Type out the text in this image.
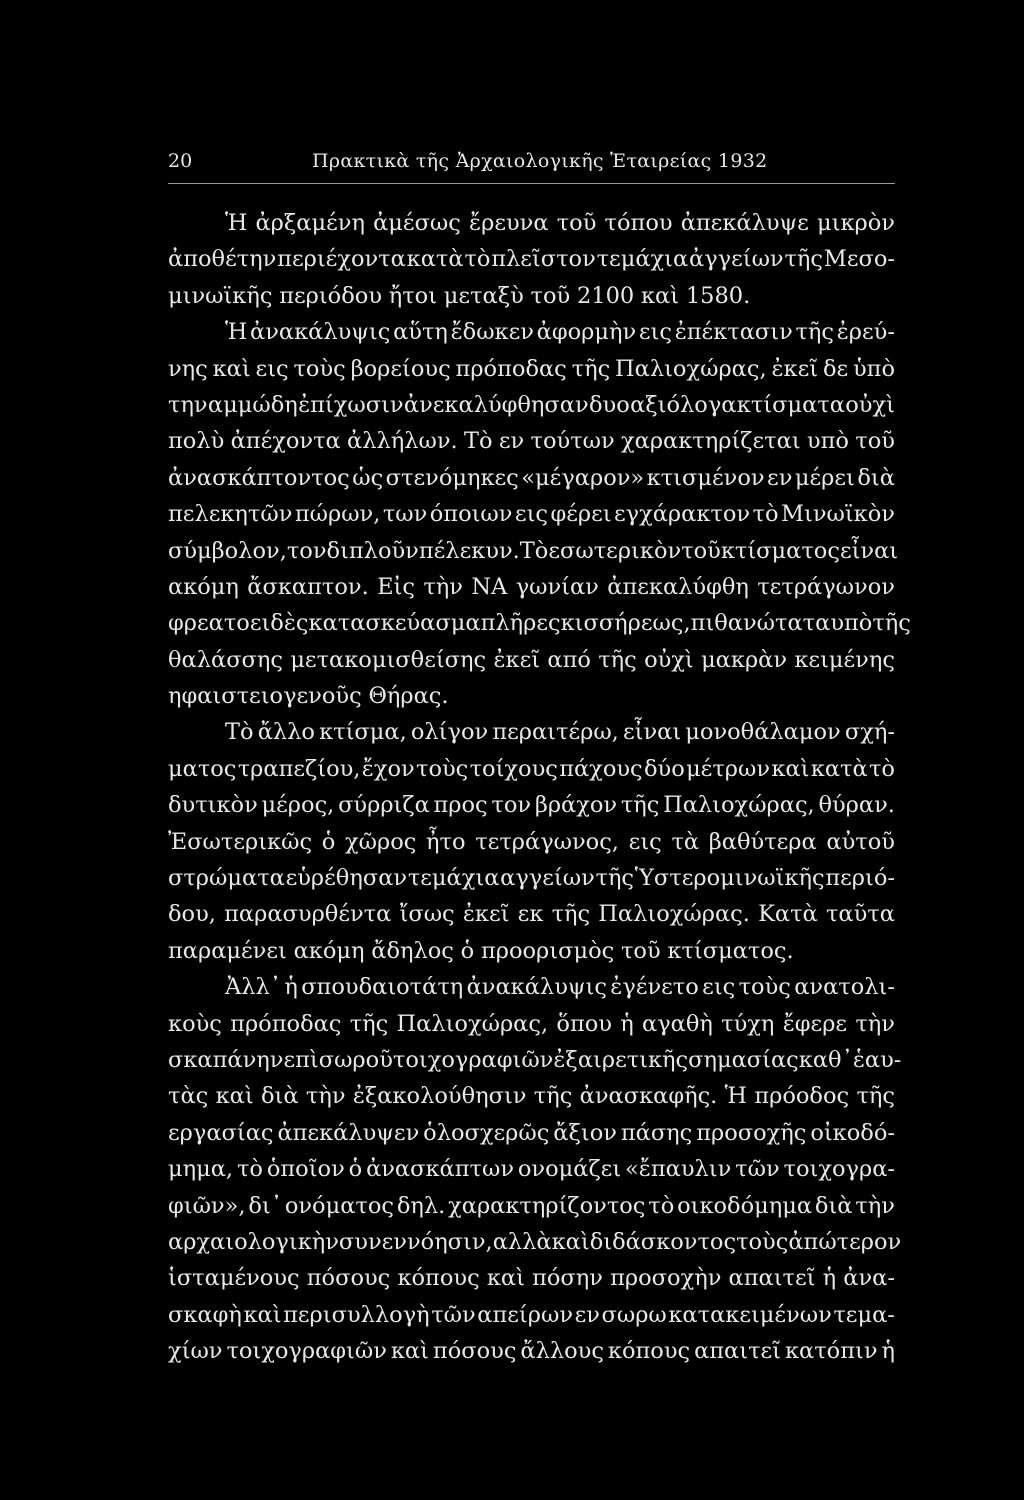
20	Πρακτικὰ τῆς Ἀρχαιολογικῆς Ἑταιρείας 1932
Ἡ ἀρξαμένη ἀμέσως ἔρευνα τοῦ τόπου ἀπεκάλυψε μικρὸν
ἀποθέτην περιέχοντα κατὰ τὸ πλεῖστον τεμάχια ἀγγείων τῆς Μεσο-
μινωϊκῆς περιόδου ἤτοι μεταξὺ τοῦ 2100 καὶ 1580.
Ἡ ἀνακάλυψις αὕτη ἔδωκεν ἀφορμὴν εις ἐπέκτασιν τῆς ἐρεύ-
νης καὶ εις τοὺς βορείους πρόποδας τῆς Παλιοχώρας, ἐκεῖ δε ὑπὸ
την αμμώδη ἐπίχωσιν ἀνεκαλύφθησαν δυο αξιόλογα κτίσματα οὐχὶ
πολὺ ἀπέχοντα ἀλλήλων. Τὸ εν τούτων χαρακτηρίζεται υπὸ τοῦ
ἀνασκάπτοντος ὡς στενόμηκες «μέγαρον» κτισμένον εν μέρει διὰ
πελεκητῶν πώρων, των όποιων εις φέρει εγχάρακτον τὸ Μινωϊκὸν
σύμβολον, τον διπλοῦν πέλεκυν. Τὸ εσωτερικὸν τοῦ κτίσματος εἶναι
ακόμη ἄσκαπτον. Εἰς τὴν ΝΑ γωνίαν ἀπεκαλύφθη τετράγωνον
φρεατοειδὲς κατασκεύασμα πλῆρες κισσήρεως, πιθανώτατα υπὸ τῆς
θαλάσσης μετακομισθείσης ἐκεῖ από τῆς οὐχὶ μακρὰν κειμένης
ηφαιστειογενοῦς Θήρας.
Τὸ ἄλλο κτίσμα, ολίγον περαιτέρω, εἶναι μονοθάλαμον σχή-
ματος τραπεζίου, ἔχον τοὺς τοίχους πάχους δύο μέτρων καὶ κατὰ τὸ
δυτικὸν μέρος, σύρριζα προς τον βράχον τῆς Παλιοχώρας, θύραν.
Ἐσωτερικῶς ὁ χῶρος ἦτο τετράγωνος, εις τὰ βαθύτερα αὐτοῦ
στρώματα εὑρέθησαν τεμάχια αγγείων τῆς Ὑστερομινωϊκῆς περιό-
δου, παρασυρθέντα ἴσως ἐκεῖ εκ τῆς Παλιοχώρας. Κατὰ ταῦτα
παραμένει ακόμη ἄδηλος ὁ προορισμὸς τοῦ κτίσματος.
Ἀλλ᾽ ἡ σπουδαιοτάτη ἀνακάλυψις ἐγένετο εις τοὺς ανατολι-
κοὺς πρόποδας τῆς Παλιοχώρας, ὅπου ἡ αγαθὴ τύχη ἔφερε τὴν
σκαπάνην επὶ σωροῦ τοιχογραφιῶν ἐξαιρετικῆς σημασίας καθ᾽ ἑαυ-
τὰς καὶ διὰ τὴν ἐξακολούθησιν τῆς ἀνασκαφῆς. Ἡ πρόοδος τῆς
εργασίας ἀπεκάλυψεν ὁλοσχερῶς ἄξιον πάσης προσοχῆς οἰκοδό-
μημα, τὸ ὁποῖον ὁ ἀνασκάπτων ονομάζει «ἔπαυλιν τῶν τοιχογρα-
φιῶν», δι᾽ ονόματος δηλ. χαρακτηρίζοντος τὸ οικοδόμημα διὰ τὴν
αρχαιολογικὴν συνεννόησιν, αλλὰ καὶ διδάσκοντος τοὺς ἀπώτερον
ἱσταμένους πόσους κόπους καὶ πόσην προσοχὴν απαιτεῖ ἡ ἀνα-
σκαφὴ καὶ περισυλλογὴ τῶν απείρων εν σωρω κατακειμένων τεμα-
χίων τοιχογραφιῶν καὶ πόσους ἄλλους κόπους απαιτεῖ κατόπιν ἡ
